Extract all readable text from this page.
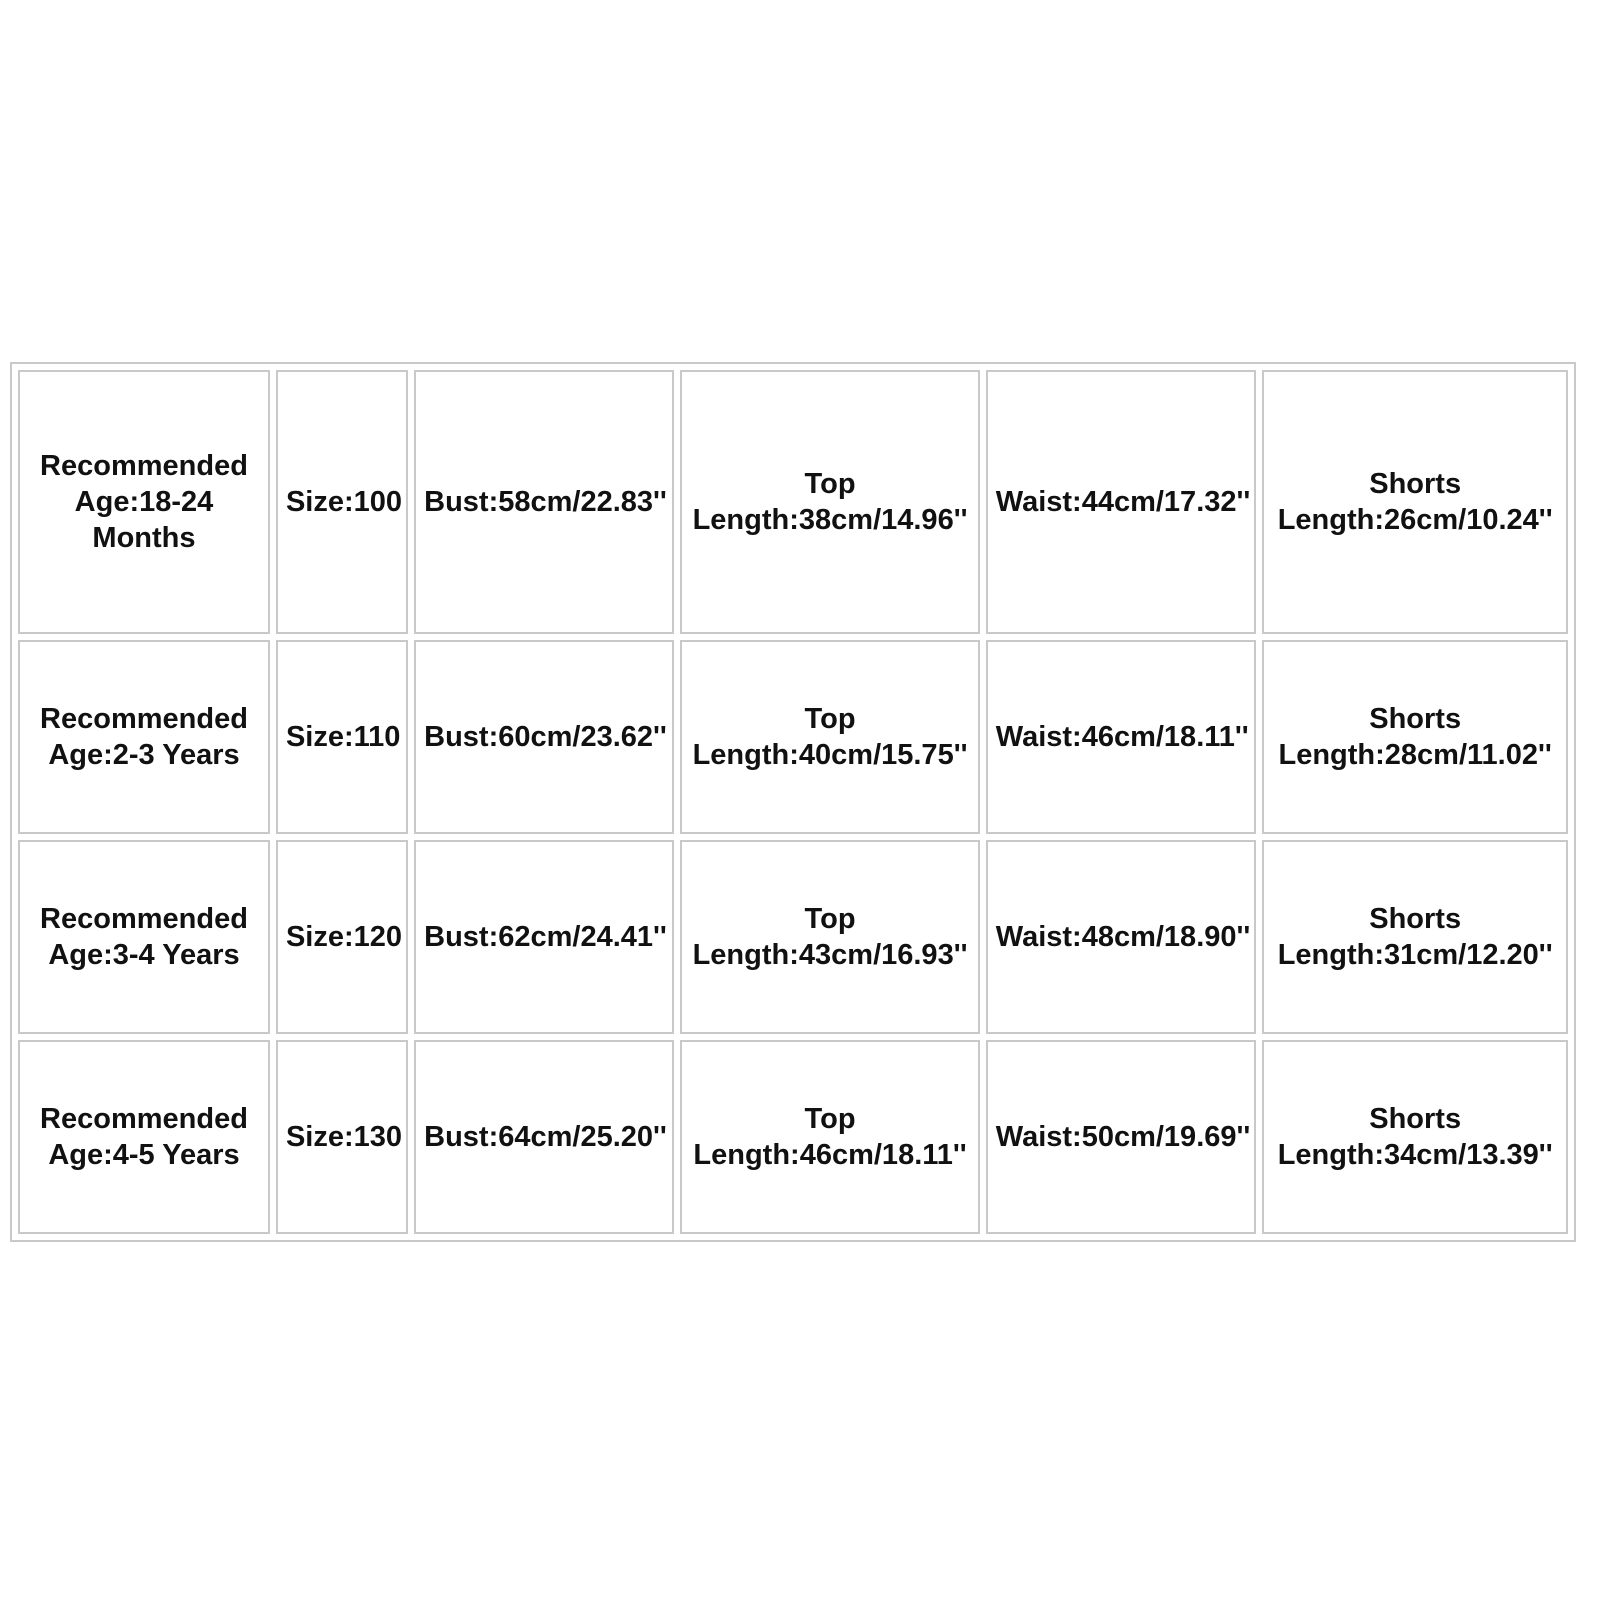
Recommended
Age:18-24
Months	Size:100	Bust:58cm/22.83''	Top
Length:38cm/14.96''	Waist:44cm/17.32''	Shorts
Length:26cm/10.24''
Recommended
Age:2-3 Years	Size:110	Bust:60cm/23.62''	Top
Length:40cm/15.75''	Waist:46cm/18.11''	Shorts
Length:28cm/11.02''
Recommended
Age:3-4 Years	Size:120	Bust:62cm/24.41''	Top
Length:43cm/16.93''	Waist:48cm/18.90''	Shorts
Length:31cm/12.20''
Recommended
Age:4-5 Years	Size:130	Bust:64cm/25.20''	Top
Length:46cm/18.11''	Waist:50cm/19.69''	Shorts
Length:34cm/13.39''
